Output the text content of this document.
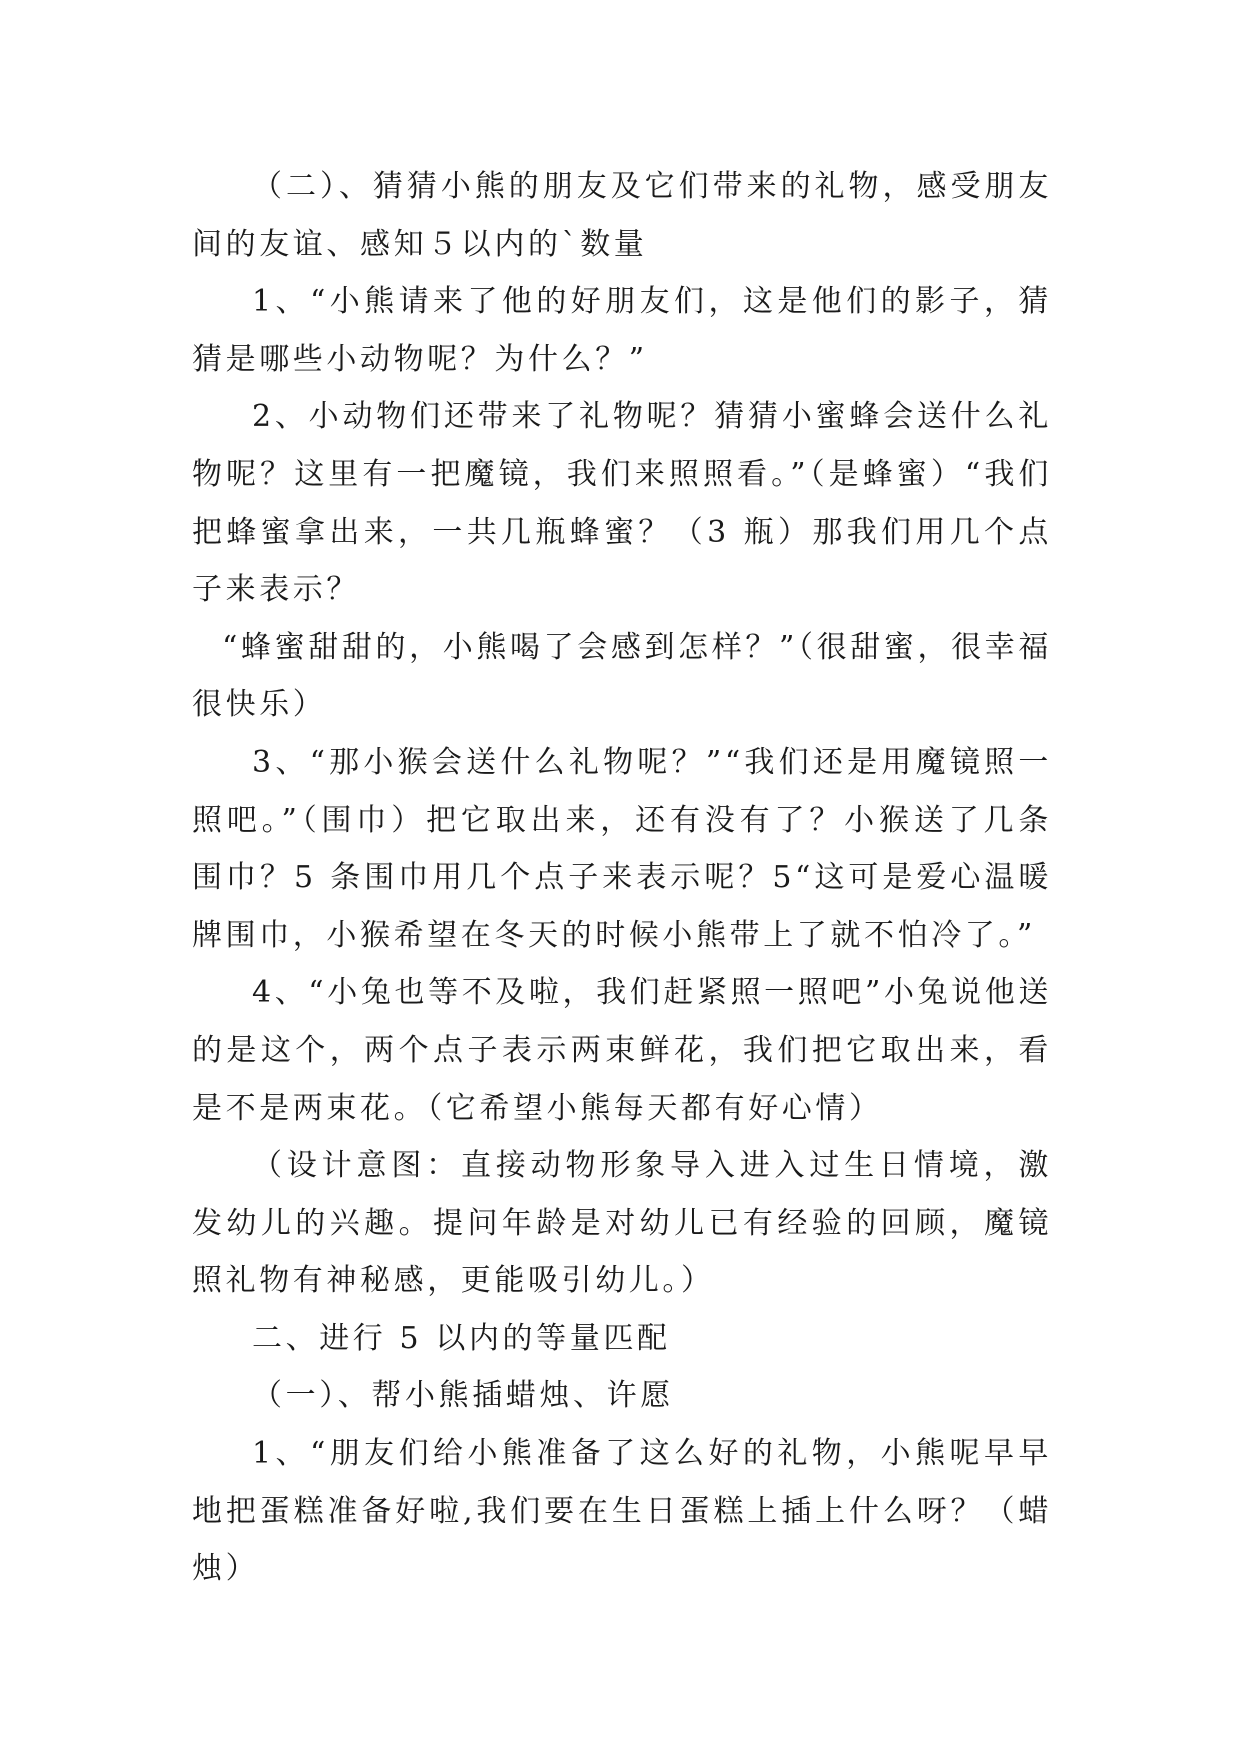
（二）、猜猜小熊的朋友及它们带来的礼物，感受朋友间的友谊、感知５以内的`数量

1、“小熊请来了他的好朋友们，这是他们的影子，猜猜是哪些小动物呢？为什么？”

2、小动物们还带来了礼物呢？猜猜小蜜蜂会送什么礼物呢？这里有一把魔镜，我们来照照看。”（是蜂蜜）“我们把蜂蜜拿出来，一共几瓶蜂蜜？（3 瓶）那我们用几个点子来表示？

“蜂蜜甜甜的，小熊喝了会感到怎样？”（很甜蜜，很幸福很快乐）

3、“那小猴会送什么礼物呢？”“我们还是用魔镜照一照吧。”（围巾）把它取出来，还有没有了？小猴送了几条围巾？5 条围巾用几个点子来表示呢？5“这可是爱心温暖牌围巾，小猴希望在冬天的时候小熊带上了就不怕冷了。”

4、“小兔也等不及啦，我们赶紧照一照吧”小兔说他送的是这个，两个点子表示两束鲜花，我们把它取出来，看是不是两束花。（它希望小熊每天都有好心情）

（设计意图：直接动物形象导入进入过生日情境，激发幼儿的兴趣。提问年龄是对幼儿已有经验的回顾，魔镜照礼物有神秘感，更能吸引幼儿。）

二、进行 5 以内的等量匹配

（一）、帮小熊插蜡烛、许愿

1、“朋友们给小熊准备了这么好的礼物，小熊呢早早地把蛋糕准备好啦,我们要在生日蛋糕上插上什么呀？（蜡烛）
